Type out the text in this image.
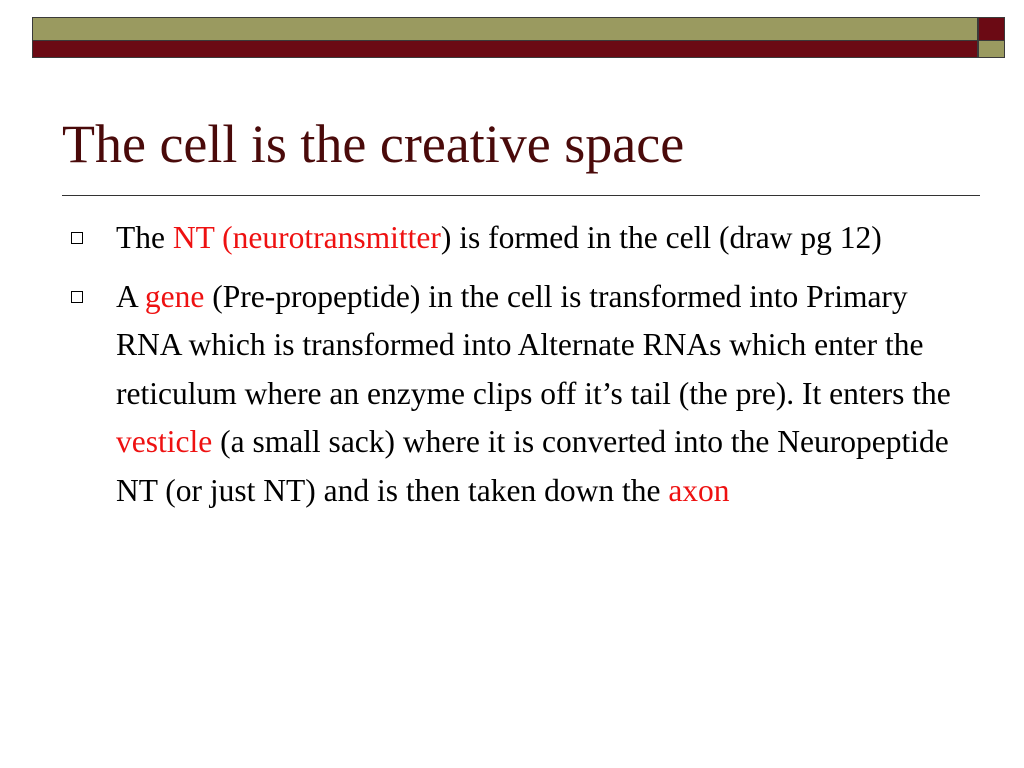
The cell is the creative space
The NT (neurotransmitter) is formed in the cell (draw pg 12)
A gene (Pre-propeptide) in the cell is transformed into Primary RNA which is transformed into Alternate RNAs which enter the reticulum where an enzyme clips off it’s tail (the pre). It enters the vesticle (a small sack) where it is converted into the Neuropeptide NT (or just NT) and is then taken down the axon
